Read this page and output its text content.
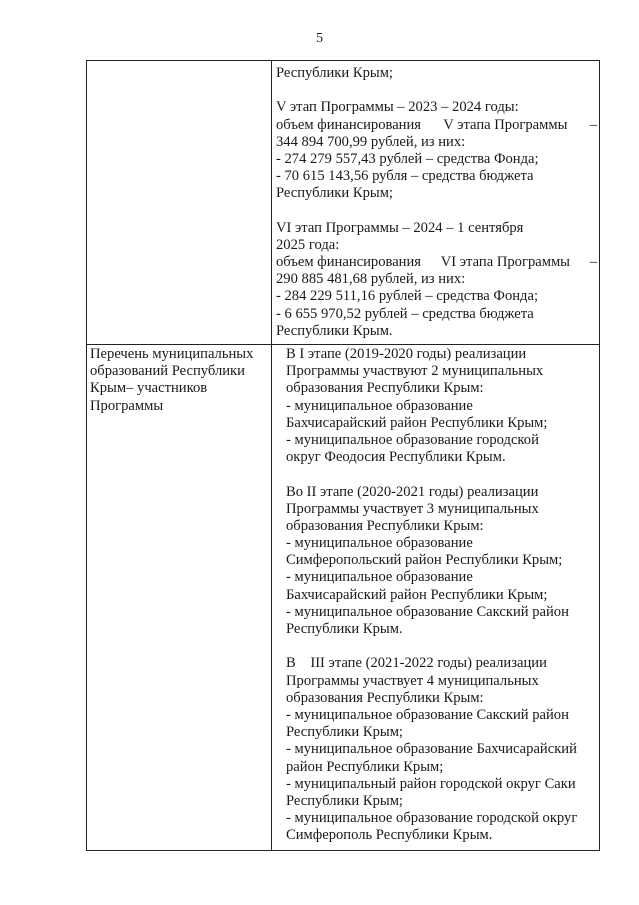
5
Республики Крым;
V этап Программы – 2023 – 2024 годы:
объем финансирования V этапа Программы –
344 894 700,99 рублей, из них:
- 274 279 557,43 рублей – средства Фонда;
- 70 615 143,56 рубля – средства бюджета
Республики Крым;
VI этап Программы – 2024 – 1 сентября
2025 года:
объем финансирования VI этапа Программы –
290 885 481,68 рублей, из них:
- 284 229 511,16 рублей – средства Фонда;
- 6 655 970,52 рублей – средства бюджета
Республики Крым.
Перечень муниципальных
образований Республики
Крым– участников
Программы
В I этапе (2019-2020 годы) реализации
Программы участвуют 2 муниципальных
образования Республики Крым:
- муниципальное образование
Бахчисарайский район Республики Крым;
- муниципальное образование городской
округ Феодосия Республики Крым.
Во II этапе (2020-2021 годы) реализации
Программы участвует 3 муниципальных
образования Республики Крым:
- муниципальное образование
Симферопольский район Республики Крым;
- муниципальное образование
Бахчисарайский район Республики Крым;
- муниципальное образование Сакский район
Республики Крым.
В    III этапе (2021-2022 годы) реализации
Программы участвует 4 муниципальных
образования Республики Крым:
- муниципальное образование Сакский район
Республики Крым;
- муниципальное образование Бахчисарайский
район Республики Крым;
- муниципальный район городской округ Саки
Республики Крым;
- муниципальное образование городской округ
Симферополь Республики Крым.
